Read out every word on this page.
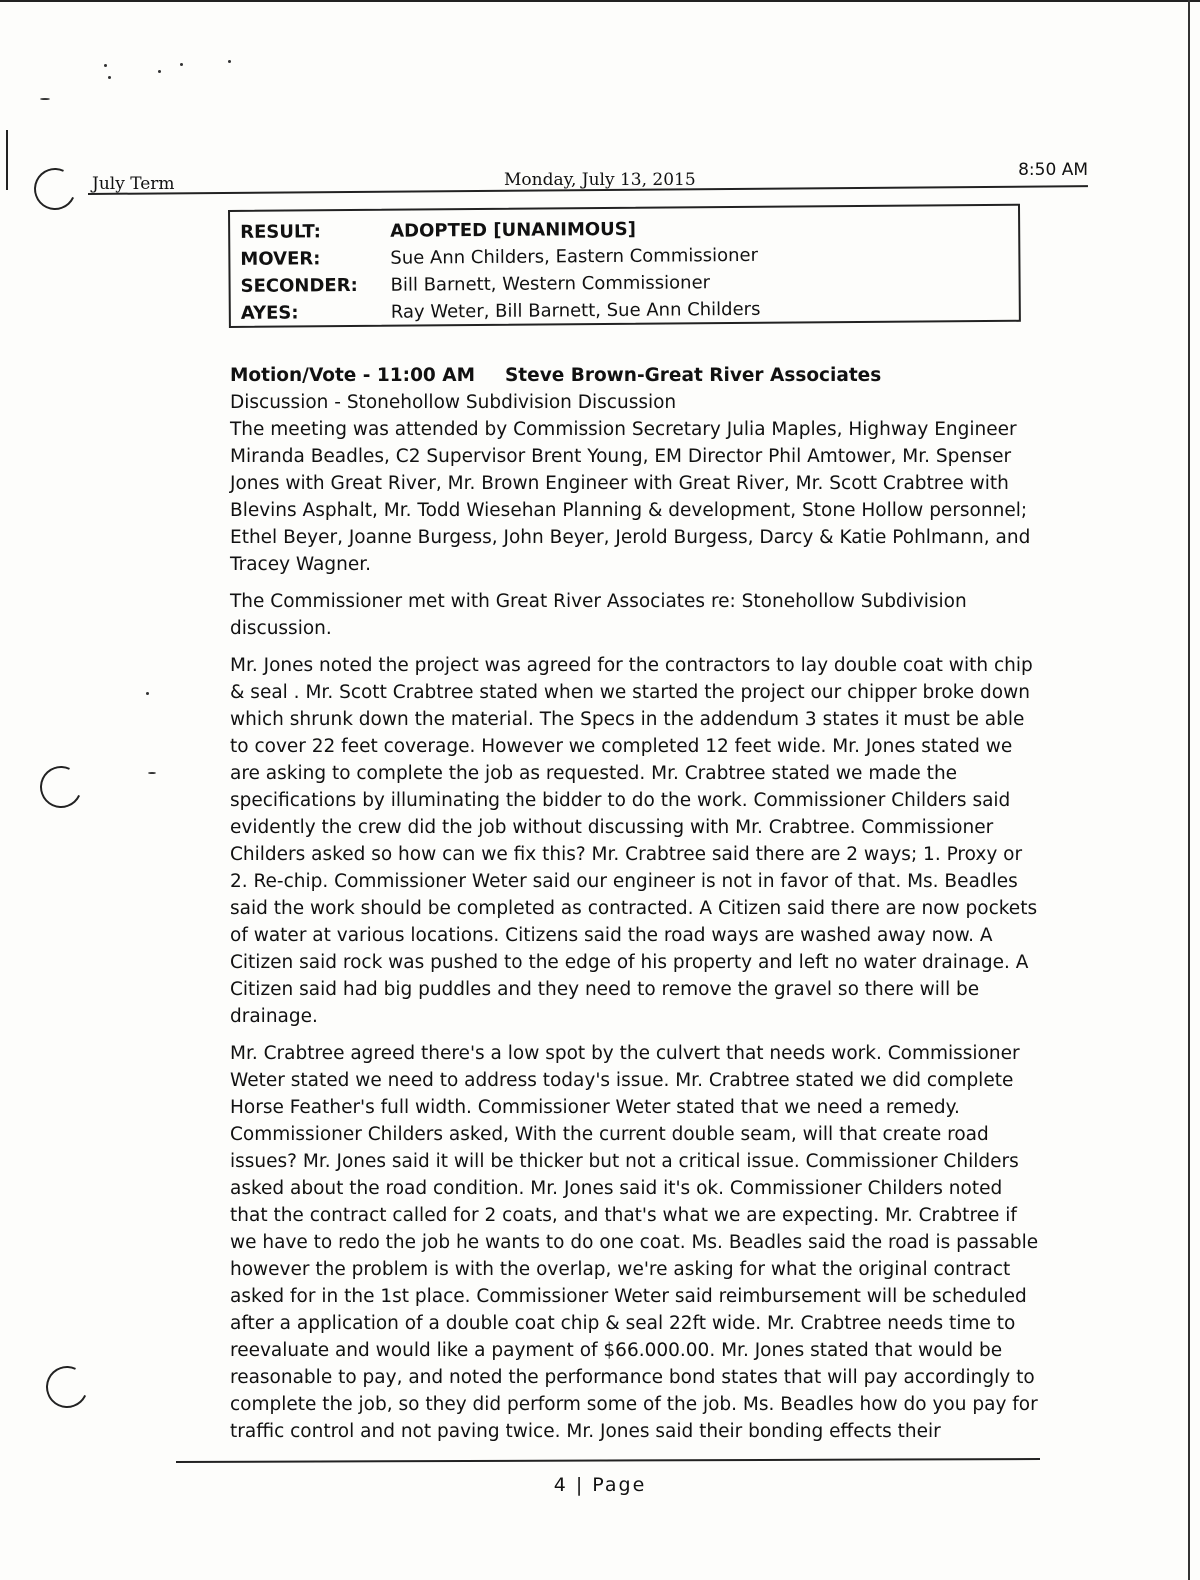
July Term	Monday, July 13, 2015	8:50 AM
RESULT:	ADOPTED [UNANIMOUS]
MOVER:	Sue Ann Childers, Eastern Commissioner
SECONDER:	Bill Barnett, Western Commissioner
AYES:	Ray Weter, Bill Barnett, Sue Ann Childers
Motion/Vote - 11:00 AM Steve Brown-Great River Associates
Discussion - Stonehollow Subdivision Discussion

The meeting was attended by Commission Secretary Julia Maples, Highway Engineer Miranda Beadles, C2 Supervisor Brent Young, EM Director Phil Amtower, Mr. Spenser Jones with Great River, Mr. Brown Engineer with Great River, Mr. Scott Crabtree with Blevins Asphalt, Mr. Todd Wiesehan Planning & development, Stone Hollow personnel; Ethel Beyer, Joanne Burgess, John Beyer, Jerold Burgess, Darcy & Katie Pohlmann, and Tracey Wagner.

The Commissioner met with Great River Associates re: Stonehollow Subdivision discussion.

Mr. Jones noted the project was agreed for the contractors to lay double coat with chip & seal . Mr. Scott Crabtree stated when we started the project our chipper broke down which shrunk down the material. The Specs in the addendum 3 states it must be able to cover 22 feet coverage. However we completed 12 feet wide. Mr. Jones stated we are asking to complete the job as requested. Mr. Crabtree stated we made the specifications by illuminating the bidder to do the work. Commissioner Childers said evidently the crew did the job without discussing with Mr. Crabtree. Commissioner Childers asked so how can we fix this? Mr. Crabtree said there are 2 ways; 1. Proxy or 2. Re-chip. Commissioner Weter said our engineer is not in favor of that. Ms. Beadles said the work should be completed as contracted. A Citizen said there are now pockets of water at various locations. Citizens said the road ways are washed away now. A Citizen said rock was pushed to the edge of his property and left no water drainage. A Citizen said had big puddles and they need to remove the gravel so there will be drainage.

Mr. Crabtree agreed there's a low spot by the culvert that needs work. Commissioner Weter stated we need to address today's issue. Mr. Crabtree stated we did complete Horse Feather's full width. Commissioner Weter stated that we need a remedy. Commissioner Childers asked, With the current double seam, will that create road issues? Mr. Jones said it will be thicker but not a critical issue. Commissioner Childers asked about the road condition. Mr. Jones said it's ok. Commissioner Childers noted that the contract called for 2 coats, and that's what we are expecting. Mr. Crabtree if we have to redo the job he wants to do one coat. Ms. Beadles said the road is passable however the problem is with the overlap, we're asking for what the original contract asked for in the 1st place. Commissioner Weter said reimbursement will be scheduled after a application of a double coat chip & seal 22ft wide. Mr. Crabtree needs time to reevaluate and would like a payment of $66.000.00. Mr. Jones stated that would be reasonable to pay, and noted the performance bond states that will pay accordingly to complete the job, so they did perform some of the job. Ms. Beadles how do you pay for traffic control and not paving twice. Mr. Jones said their bonding effects their

4 | Page
